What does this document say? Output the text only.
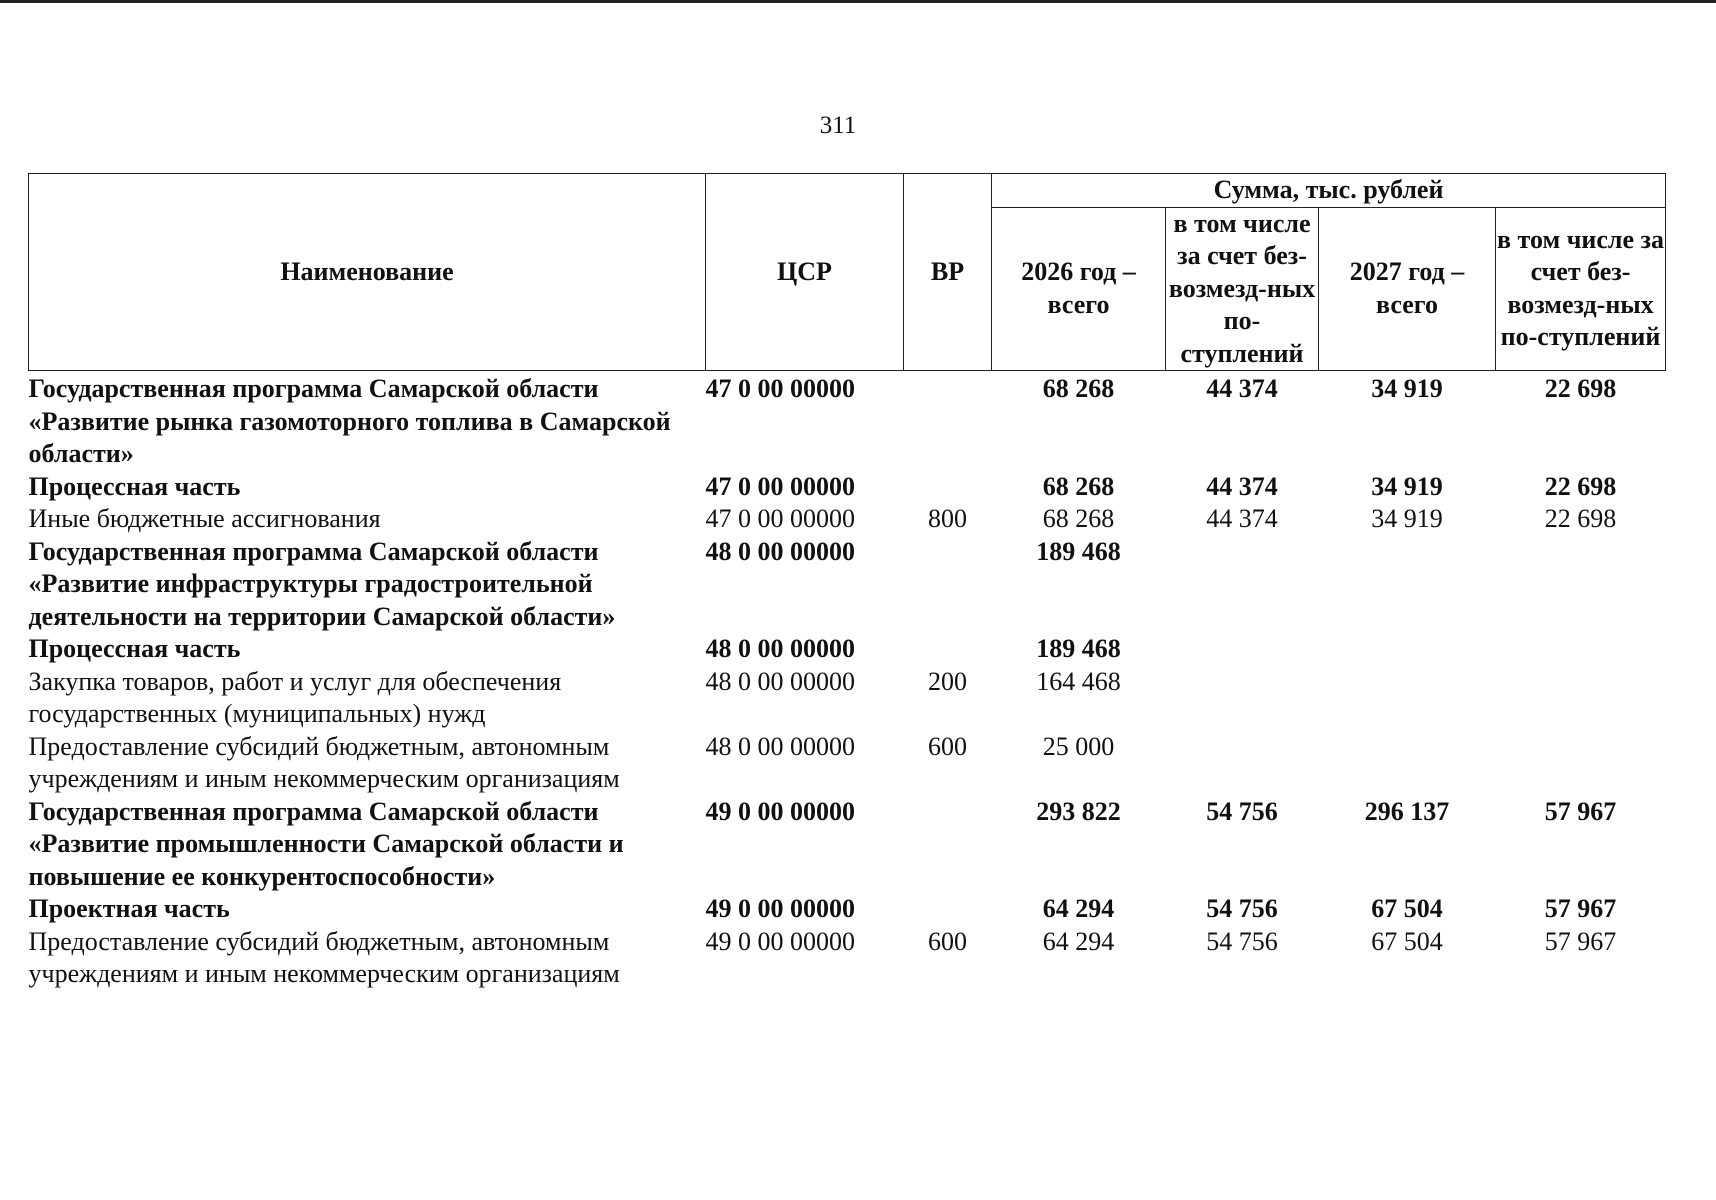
311
Наименование	ЦСР	ВР	Сумма, тыс. рублей			
			2026 год – всего	в том числе за счет без-возмезд-ных по-ступлений	2027 год – всего	в том числе за счет без-возмезд-ных по-ступлений
Государственная программа Самарской области «Развитие рынка газомоторного топлива в Самарской области»	47 0 00 00000		68 268	44 374	34 919	22 698
Процессная часть	47 0 00 00000		68 268	44 374	34 919	22 698
Иные бюджетные ассигнования	47 0 00 00000	800	68 268	44 374	34 919	22 698
Государственная программа Самарской области «Развитие инфраструктуры градостроительной деятельности на территории Самарской области»	48 0 00 00000		189 468			
Процессная часть	48 0 00 00000		189 468			
Закупка товаров, работ и услуг для обеспечения государственных (муниципальных) нужд	48 0 00 00000	200	164 468			
Предоставление субсидий бюджетным, автономным учреждениям и иным некоммерческим организациям	48 0 00 00000	600	25 000			
Государственная программа Самарской области «Развитие промышленности Самарской области и повышение ее конкурентоспособности»	49 0 00 00000		293 822	54 756	296 137	57 967
Проектная часть	49 0 00 00000		64 294	54 756	67 504	57 967
Предоставление субсидий бюджетным, автономным учреждениям и иным некоммерческим организациям	49 0 00 00000	600	64 294	54 756	67 504	57 967
